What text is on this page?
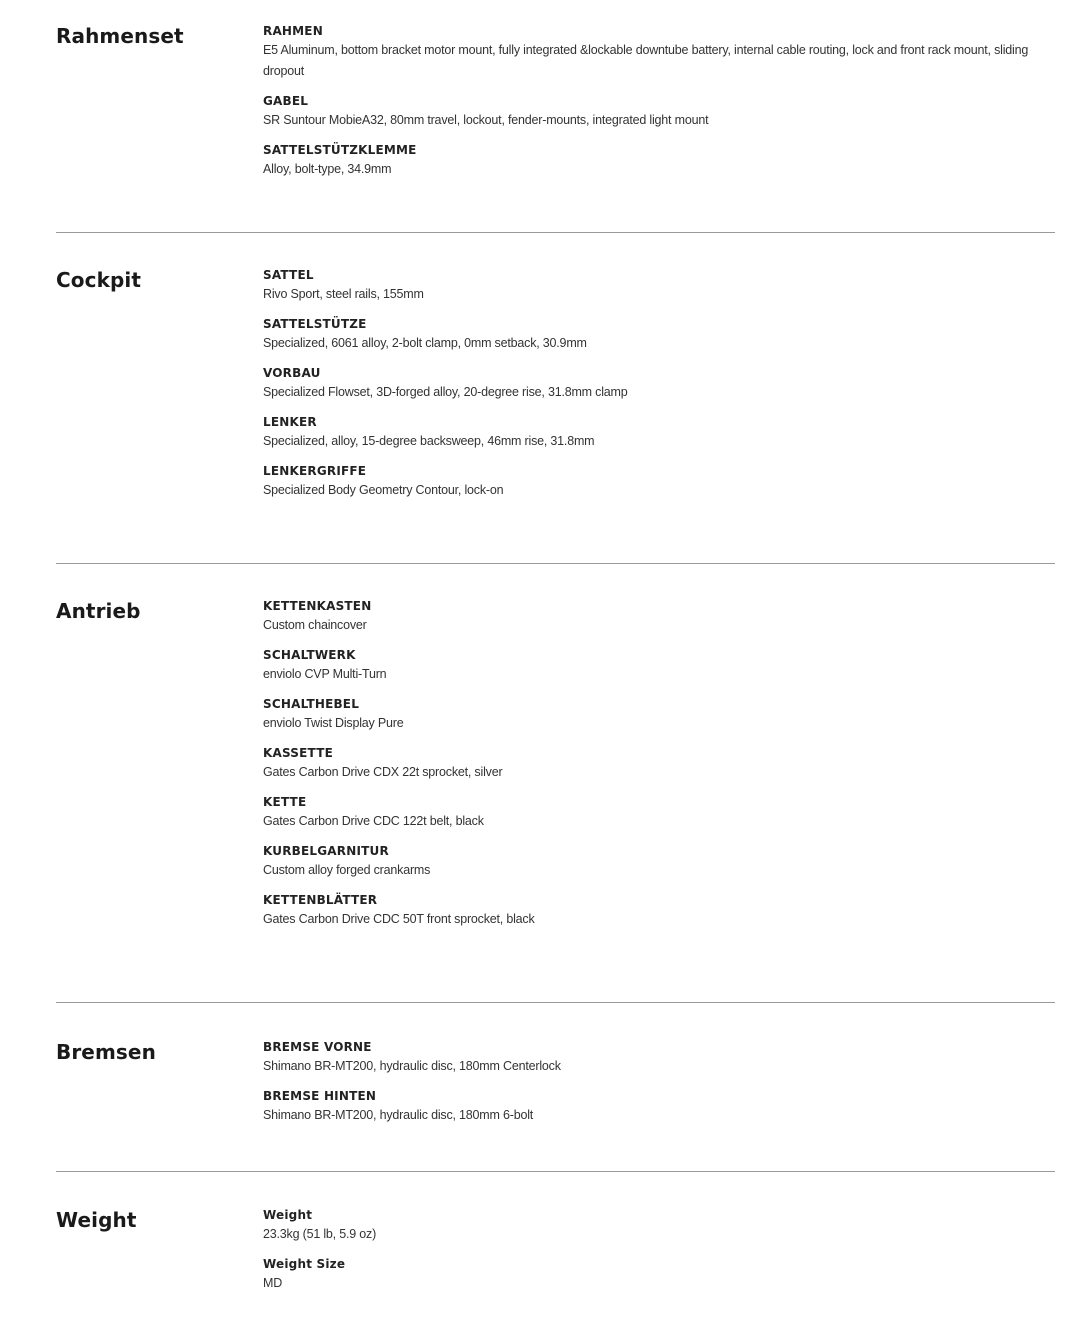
Rahmenset	RAHMEN
E5 Aluminum, bottom bracket motor mount, fully integrated &lockable downtube battery, internal cable routing, lock and front rack mount, sliding dropout
GABEL
SR Suntour MobieA32, 80mm travel, lockout, fender-mounts, integrated light mount
SATTELSTÜTZKLEMME
Alloy, bolt-type, 34.9mm
Cockpit	SATTEL
Rivo Sport, steel rails, 155mm
SATTELSTÜTZE
Specialized, 6061 alloy, 2-bolt clamp, 0mm setback, 30.9mm
VORBAU
Specialized Flowset, 3D-forged alloy, 20-degree rise, 31.8mm clamp
LENKER
Specialized, alloy, 15-degree backsweep, 46mm rise, 31.8mm
LENKERGRIFFE
Specialized Body Geometry Contour, lock-on
Antrieb	KETTENKASTEN
Custom chaincover
SCHALTWERK
enviolo CVP Multi-Turn
SCHALTHEBEL
enviolo Twist Display Pure
KASSETTE
Gates Carbon Drive CDX 22t sprocket, silver
KETTE
Gates Carbon Drive CDC 122t belt, black
KURBELGARNITUR
Custom alloy forged crankarms
KETTENBLÄTTER
Gates Carbon Drive CDC 50T front sprocket, black
Bremsen	BREMSE VORNE
Shimano BR-MT200, hydraulic disc, 180mm Centerlock
BREMSE HINTEN
Shimano BR-MT200, hydraulic disc, 180mm 6-bolt
Weight	Weight
23.3kg (51 lb, 5.9 oz)
Weight Size
MD
